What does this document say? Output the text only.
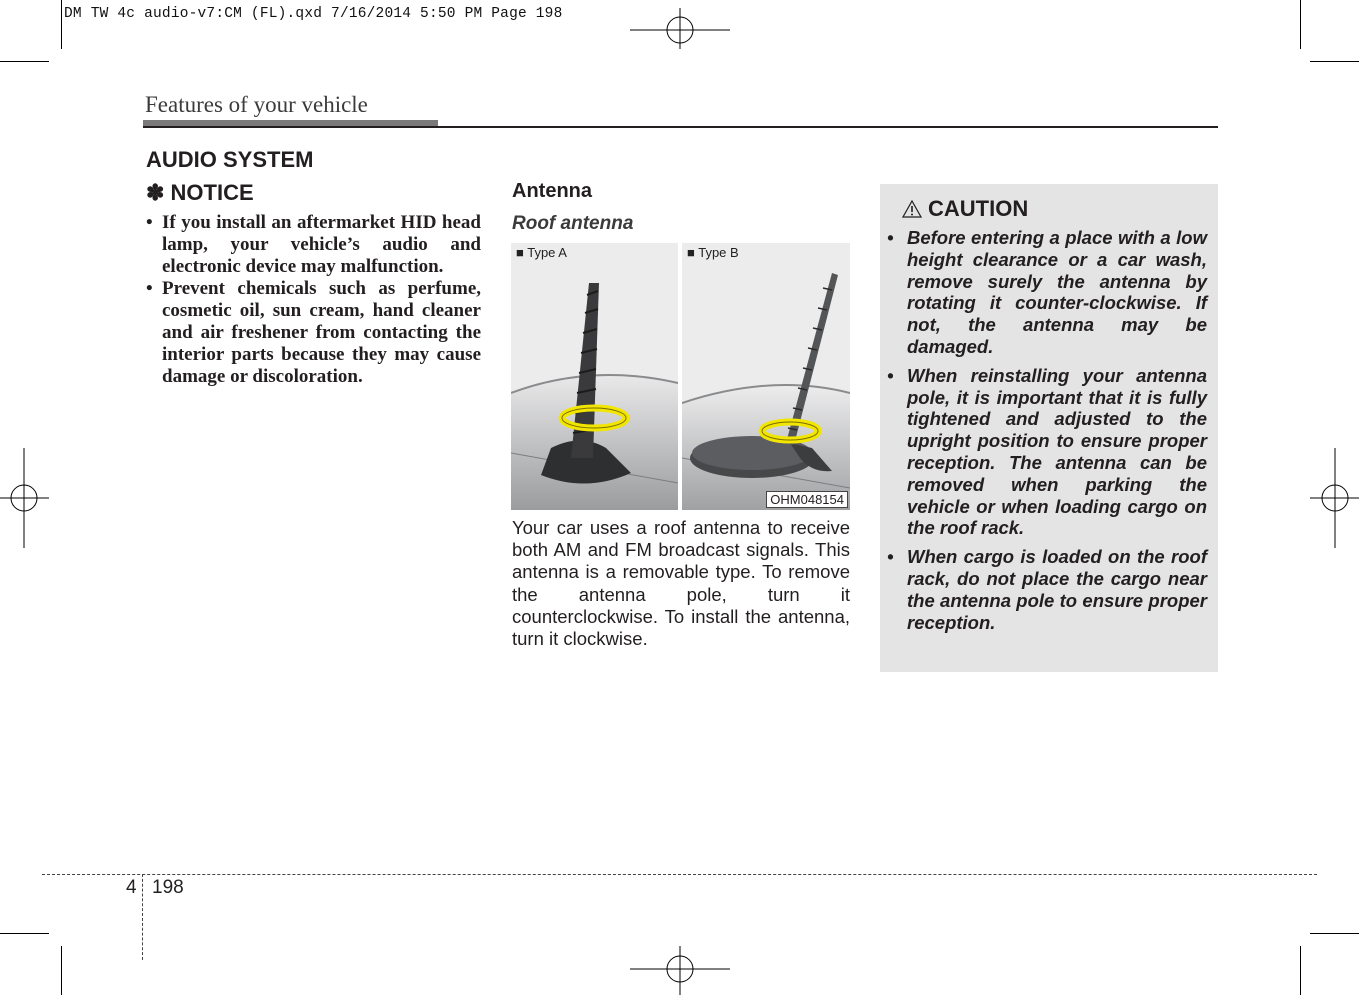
DM TW 4c audio-v7:CM (FL).qxd 7/16/2014 5:50 PM Page 198
Features of your vehicle
AUDIO SYSTEM
✽ NOTICE
• If you install an aftermarket HID head lamp, your vehicle’s audio and electronic device may malfunction.
• Prevent chemicals such as perfume, cosmetic oil, sun cream, hand cleaner and air freshener from contacting the interior parts because they may cause damage or discoloration.
Antenna
Roof antenna
■ Type A	■ Type B
OHM048154
Your car uses a roof antenna to receive both AM and FM broadcast signals. This antenna is a removable type. To remove the antenna pole, turn it counterclockwise. To install the antenna, turn it clockwise.
CAUTION
• Before entering a place with a low height clearance or a car wash, remove surely the antenna by rotating it counter-clockwise. If not, the antenna may be damaged.
• When reinstalling your antenna pole, it is important that it is fully tightened and adjusted to the upright position to ensure proper reception. The antenna can be removed when parking the vehicle or when loading cargo on the roof rack.
• When cargo is loaded on the roof rack, do not place the cargo near the antenna pole to ensure proper reception.
4 198
